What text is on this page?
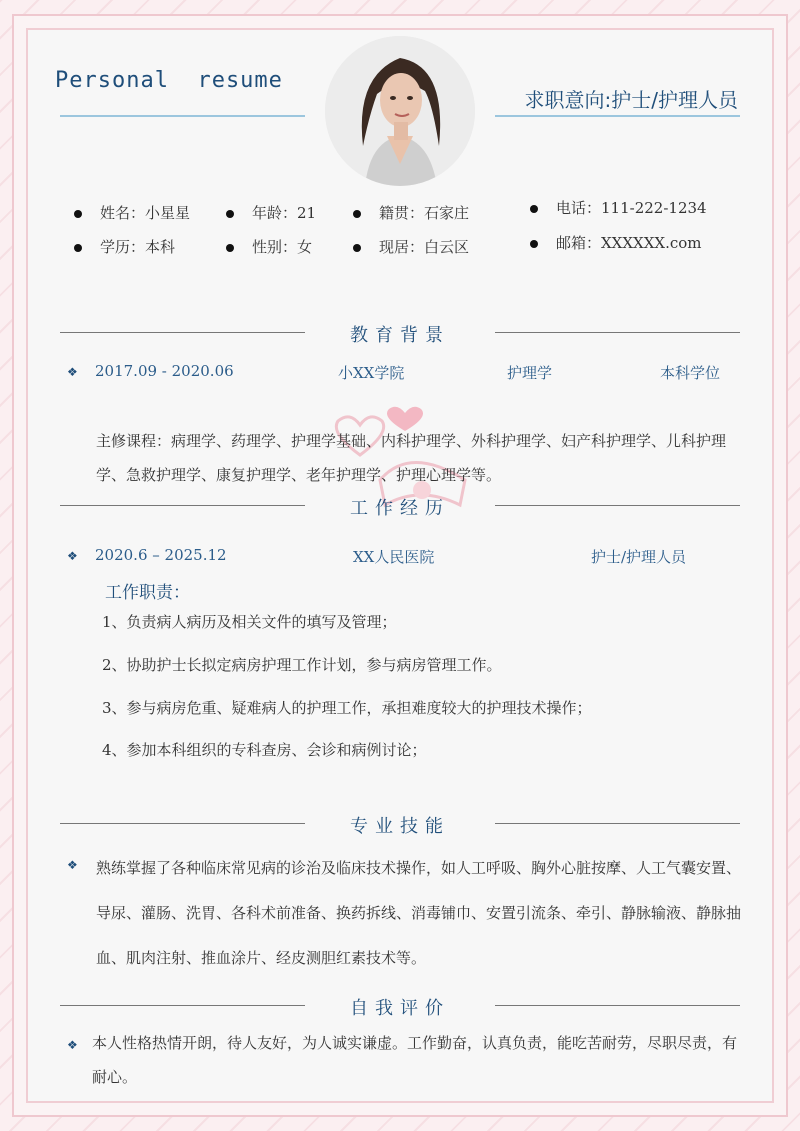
Personal  resume
求职意向:护士/护理人员
姓名：小星星	年龄：21	籍贯：石家庄	电话：111-222-1234
学历：本科	性别：女	现居：白云区	邮箱：XXXXXX.com
教育背景
❖ 2017.09 - 2020.06	小XX学院	护理学	本科学位
主修课程：病理学、药理学、护理学基础、内科护理学、外科护理学、妇产科护理学、儿科护理学、急救护理学、康复护理学、老年护理学、护理心理学等。
工作经历
❖ 2020.6 – 2025.12	XX人民医院	护士/护理人员
工作职责：
1、负责病人病历及相关文件的填写及管理；
2、协助护士长拟定病房护理工作计划，参与病房管理工作。
3、参与病房危重、疑难病人的护理工作，承担难度较大的护理技术操作；
4、参加本科组织的专科查房、会诊和病例讨论；
专业技能
❖ 熟练掌握了各种临床常见病的诊治及临床技术操作，如人工呼吸、胸外心脏按摩、人工气囊安置、导尿、灌肠、洗胃、各科术前准备、换药拆线、消毒铺巾、安置引流条、牵引、静脉输液、静脉抽血、肌肉注射、推血涂片、经皮测胆红素技术等。
自我评价
❖ 本人性格热情开朗，待人友好，为人诚实谦虚。工作勤奋，认真负责，能吃苦耐劳，尽职尽责，有耐心。
